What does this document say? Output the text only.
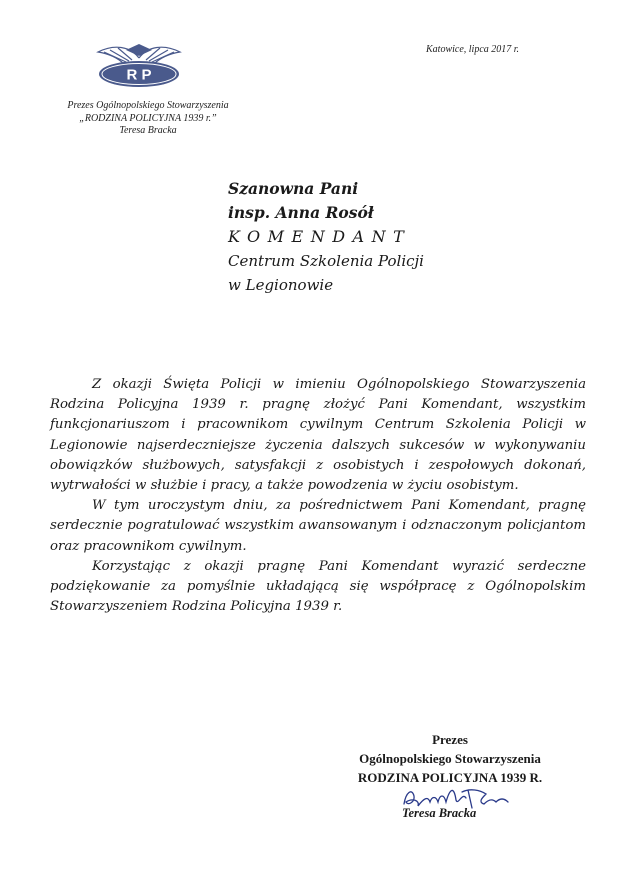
R P
Prezes Ogólnopolskiego Stowarzyszenia
„RODZINA POLICYJNA 1939 r.”
Teresa Bracka
Katowice, lipca 2017 r.
Szanowna Pani
insp. Anna Rosół
KOMENDANT
Centrum Szkolenia Policji
w Legionowie

Z okazji Święta Policji w imieniu Ogólnopolskiego Stowarzyszenia Rodzina Policyjna 1939 r. pragnę złożyć Pani Komendant, wszystkim funkcjonariuszom i pracownikom cywilnym Centrum Szkolenia Policji w Legionowie najserdeczniejsze życzenia dalszych sukcesów w wykonywaniu obowiązków służbowych, satysfakcji z osobistych i zespołowych dokonań, wytrwałości w służbie i pracy, a także powodzenia w życiu osobistym.

W tym uroczystym dniu, za pośrednictwem Pani Komendant, pragnę serdecznie pogratulować wszystkim awansowanym i odznaczonym policjantom oraz pracownikom cywilnym.

Korzystając z okazji pragnę Pani Komendant wyrazić serdeczne podziękowanie za pomyślnie układającą się współpracę z Ogólnopolskim Stowarzyszeniem Rodzina Policyjna 1939 r.

Prezes
Ogólnopolskiego Stowarzyszenia
RODZINA POLICYJNA 1939 R.
Teresa Bracka
